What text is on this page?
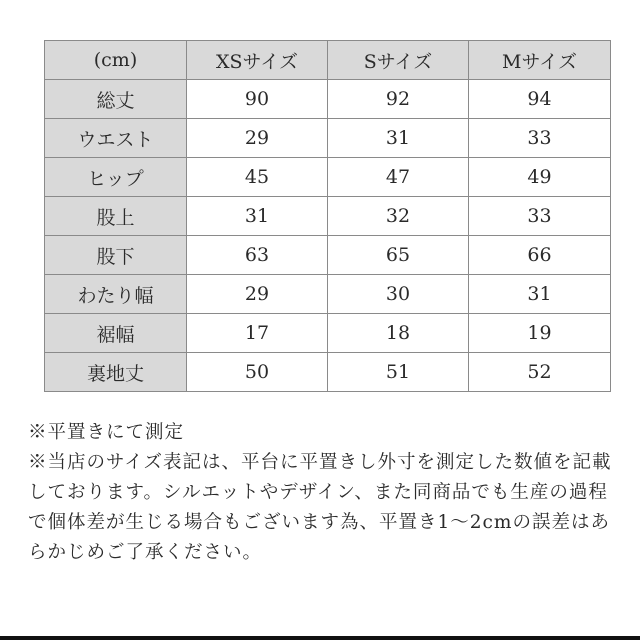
(cm)	XSサイズ	Sサイズ	Mサイズ
総丈	90	92	94
ウエスト	29	31	33
ヒップ	45	47	49
股上	31	32	33
股下	63	65	66
わたり幅	29	30	31
裾幅	17	18	19
裏地丈	50	51	52

※平置きにて測定

※当店のサイズ表記は、平台に平置きし外寸を測定した数値を記載しております。シルエットやデザイン、また同商品でも生産の過程で個体差が生じる場合もございます為、平置き1〜2cmの誤差はあらかじめご了承ください。
